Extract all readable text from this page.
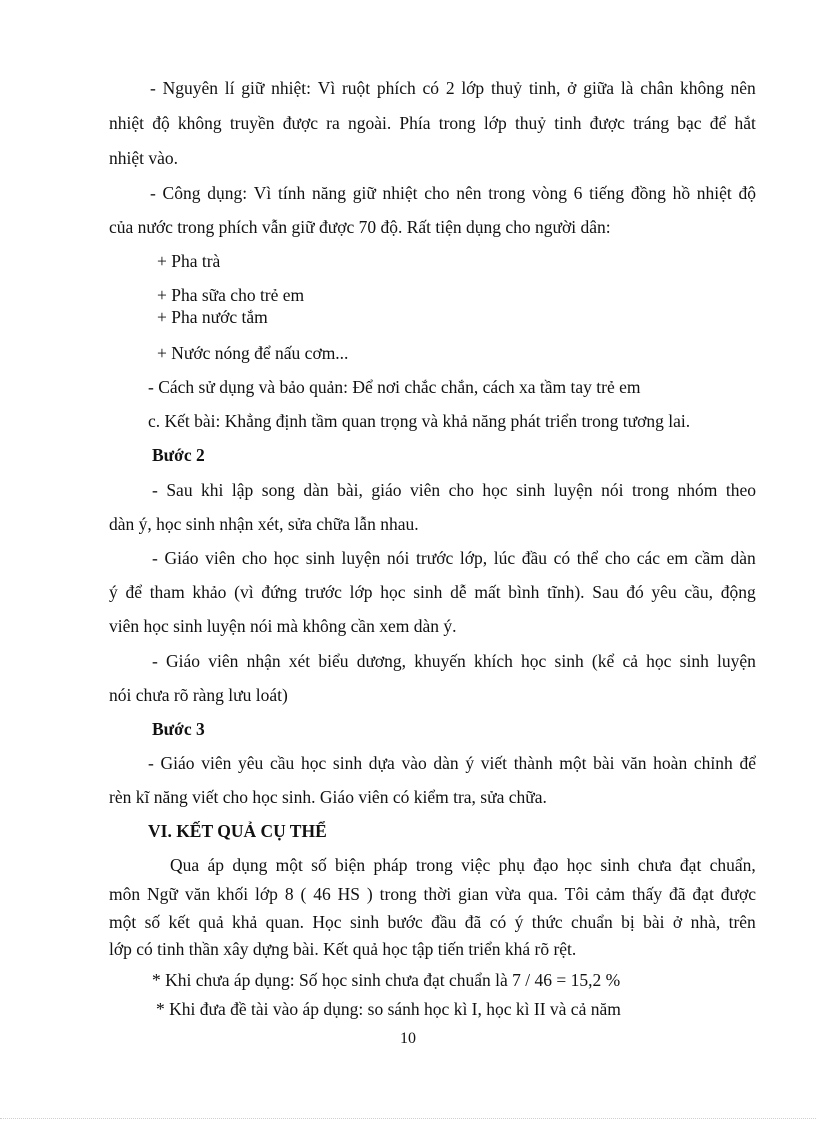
- Nguyên lí giữ nhiệt: Vì ruột phích có 2 lớp thuỷ tinh, ở giữa là chân không nên
nhiệt độ không truyền được ra ngoài. Phía trong lớp thuỷ tinh được tráng bạc để hắt
nhiệt vào.
- Công dụng: Vì tính năng giữ nhiệt cho nên trong vòng 6 tiếng đồng hồ nhiệt độ
của nước trong phích vẫn giữ được 70 độ. Rất tiện dụng cho người dân:
+ Pha trà
+ Pha sữa cho trẻ em
+ Pha nước tắm
+ Nước nóng để nấu cơm...
- Cách sử dụng và bảo quản: Để nơi chắc chắn, cách xa tầm tay trẻ em
c. Kết bài: Khẳng định tầm quan trọng và khả năng phát triển trong tương lai.
Bước 2
- Sau khi lập song dàn bài, giáo viên cho học sinh luyện nói trong nhóm theo
dàn ý, học sinh nhận xét, sửa chữa lẫn nhau.
- Giáo viên cho học sinh luyện nói trước lớp, lúc đầu có thể cho các em cầm dàn
ý để tham khảo (vì đứng trước lớp học sinh dễ mất bình tĩnh). Sau đó yêu cầu, động
viên học sinh luyện nói mà không cần xem dàn ý.
- Giáo viên nhận xét biểu dương, khuyến khích học sinh (kể cả học sinh luyện
nói chưa rõ ràng lưu loát)
Bước 3
- Giáo viên yêu cầu học sinh dựa vào dàn ý viết thành một bài văn hoàn chỉnh để
rèn kĩ năng viết cho học sinh. Giáo viên có kiểm tra, sửa chữa.
VI. KẾT QUẢ CỤ THỂ
Qua áp dụng một số biện pháp trong việc phụ đạo học sinh chưa đạt chuẩn,
môn Ngữ văn khối lớp 8 ( 46 HS ) trong thời gian vừa qua. Tôi cảm thấy đã đạt được
một số kết quả khả quan. Học sinh bước đầu đã có ý thức chuẩn bị bài ở nhà, trên
lớp có tinh thần xây dựng bài. Kết quả học tập tiến triển khá rõ rệt.
* Khi chưa áp dụng: Số học sinh chưa đạt chuẩn là 7 / 46 = 15,2 %
* Khi đưa đề tài vào áp dụng: so sánh học kì I, học kì II và cả năm
10
